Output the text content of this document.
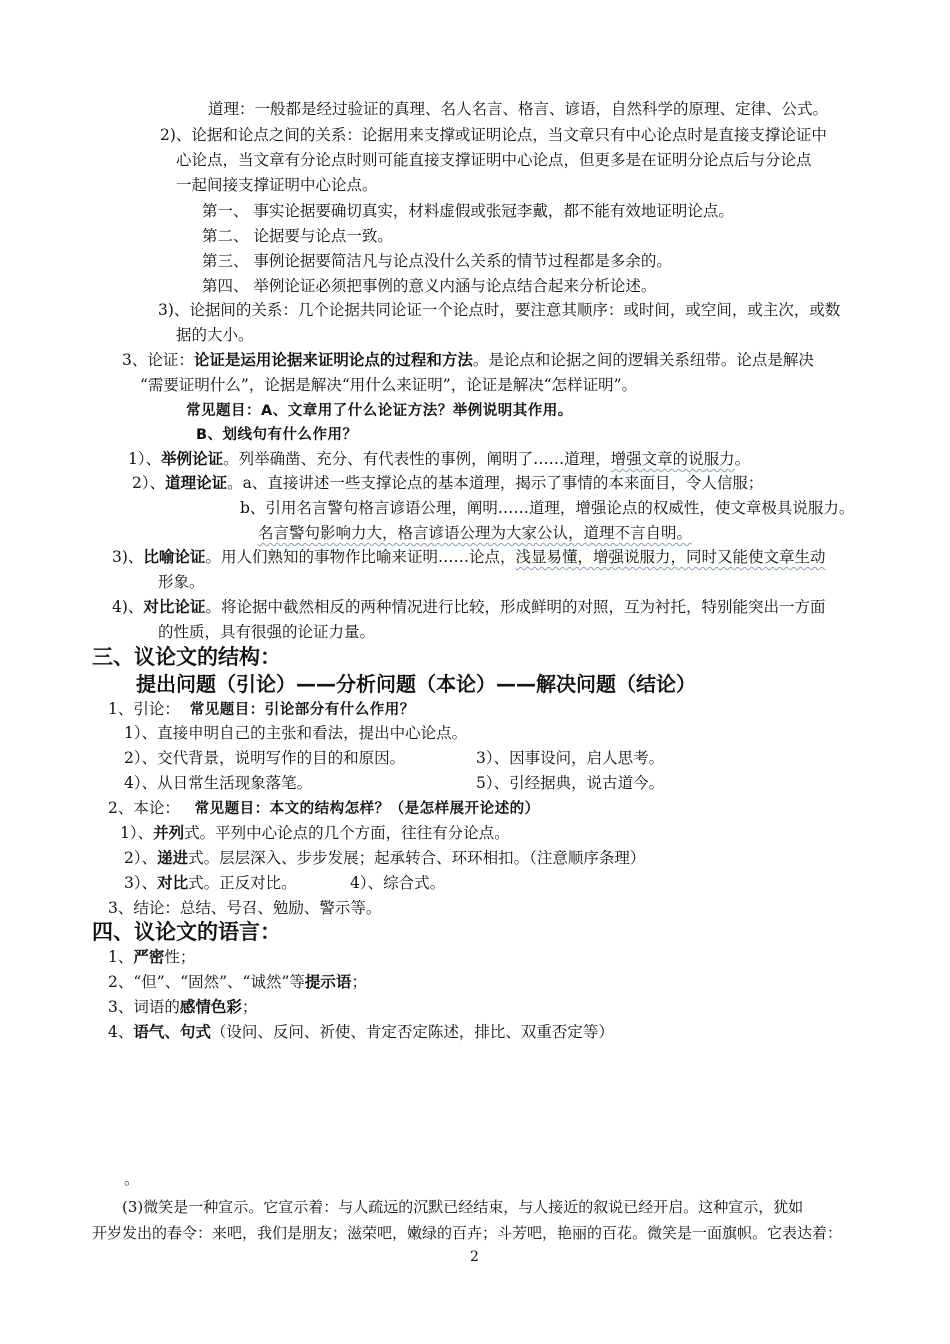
道理：一般都是经过验证的真理、名人名言、格言、谚语，自然科学的原理、定律、公式。
2)、论据和论点之间的关系：论据用来支撑或证明论点，当文章只有中心论点时是直接支撑论证中
心论点，当文章有分论点时则可能直接支撑证明中心论点，但更多是在证明分论点后与分论点
一起间接支撑证明中心论点。
第一、 事实论据要确切真实，材料虚假或张冠李戴，都不能有效地证明论点。
第二、 论据要与论点一致。
第三、 事例论据要简洁凡与论点没什么关系的情节过程都是多余的。
第四、 举例论证必须把事例的意义内涵与论点结合起来分析论述。
3)、论据间的关系：几个论据共同论证一个论点时，要注意其顺序：或时间，或空间，或主次，或数
据的大小。
3、论证：论证是运用论据来证明论点的过程和方法。是论点和论据之间的逻辑关系纽带。论点是解决
“需要证明什么”，论据是解决“用什么来证明”，论证是解决“怎样证明”。
常见题目：A、文章用了什么论证方法？举例说明其作用。
B、划线句有什么作用？
1）、举例论证。列举确凿、充分、有代表性的事例，阐明了……道理，增强文章的说服力。
2）、道理论证。a、直接讲述一些支撑论点的基本道理，揭示了事情的本来面目，令人信服；
b、引用名言警句格言谚语公理，阐明……道理，增强论点的权威性，使文章极具说服力。
名言警句影响力大，格言谚语公理为大家公认，道理不言自明。
3)、比喻论证。用人们熟知的事物作比喻来证明……论点，浅显易懂，增强说服力，同时又能使文章生动
形象。
4)、对比论证。将论据中截然相反的两种情况进行比较，形成鲜明的对照，互为衬托，特别能突出一方面
的性质，具有很强的论证力量。
三、议论文的结构：
提出问题（引论）——分析问题（本论）——解决问题（结论）
1、引论： 常见题目：引论部分有什么作用？
1）、直接申明自己的主张和看法，提出中心论点。
2）、交代背景，说明写作的目的和原因。	3）、因事设问，启人思考。
4）、从日常生活现象落笔。	5）、引经据典，说古道今。
2、本论： 常见题目：本文的结构怎样？（是怎样展开论述的）
1）、并列式。平列中心论点的几个方面，往往有分论点。
2）、递进式。层层深入、步步发展；起承转合、环环相扣。（注意顺序条理）
3）、对比式。正反对比。	4）、综合式。
3、结论：总结、号召、勉励、警示等。
四、议论文的语言：
1、严密性；
2、“但”、“固然”、“诚然”等提示语；
3、词语的感情色彩；
4、语气、句式（设问、反问、祈使、肯定否定陈述，排比、双重否定等）
。
(3)微笑是一种宣示。它宣示着：与人疏远的沉默已经结束，与人接近的叙说已经开启。这种宣示，犹如
开岁发出的春令：来吧，我们是朋友；滋荣吧，嫩绿的百卉；斗芳吧，艳丽的百花。微笑是一面旗帜。它表达着：
2
